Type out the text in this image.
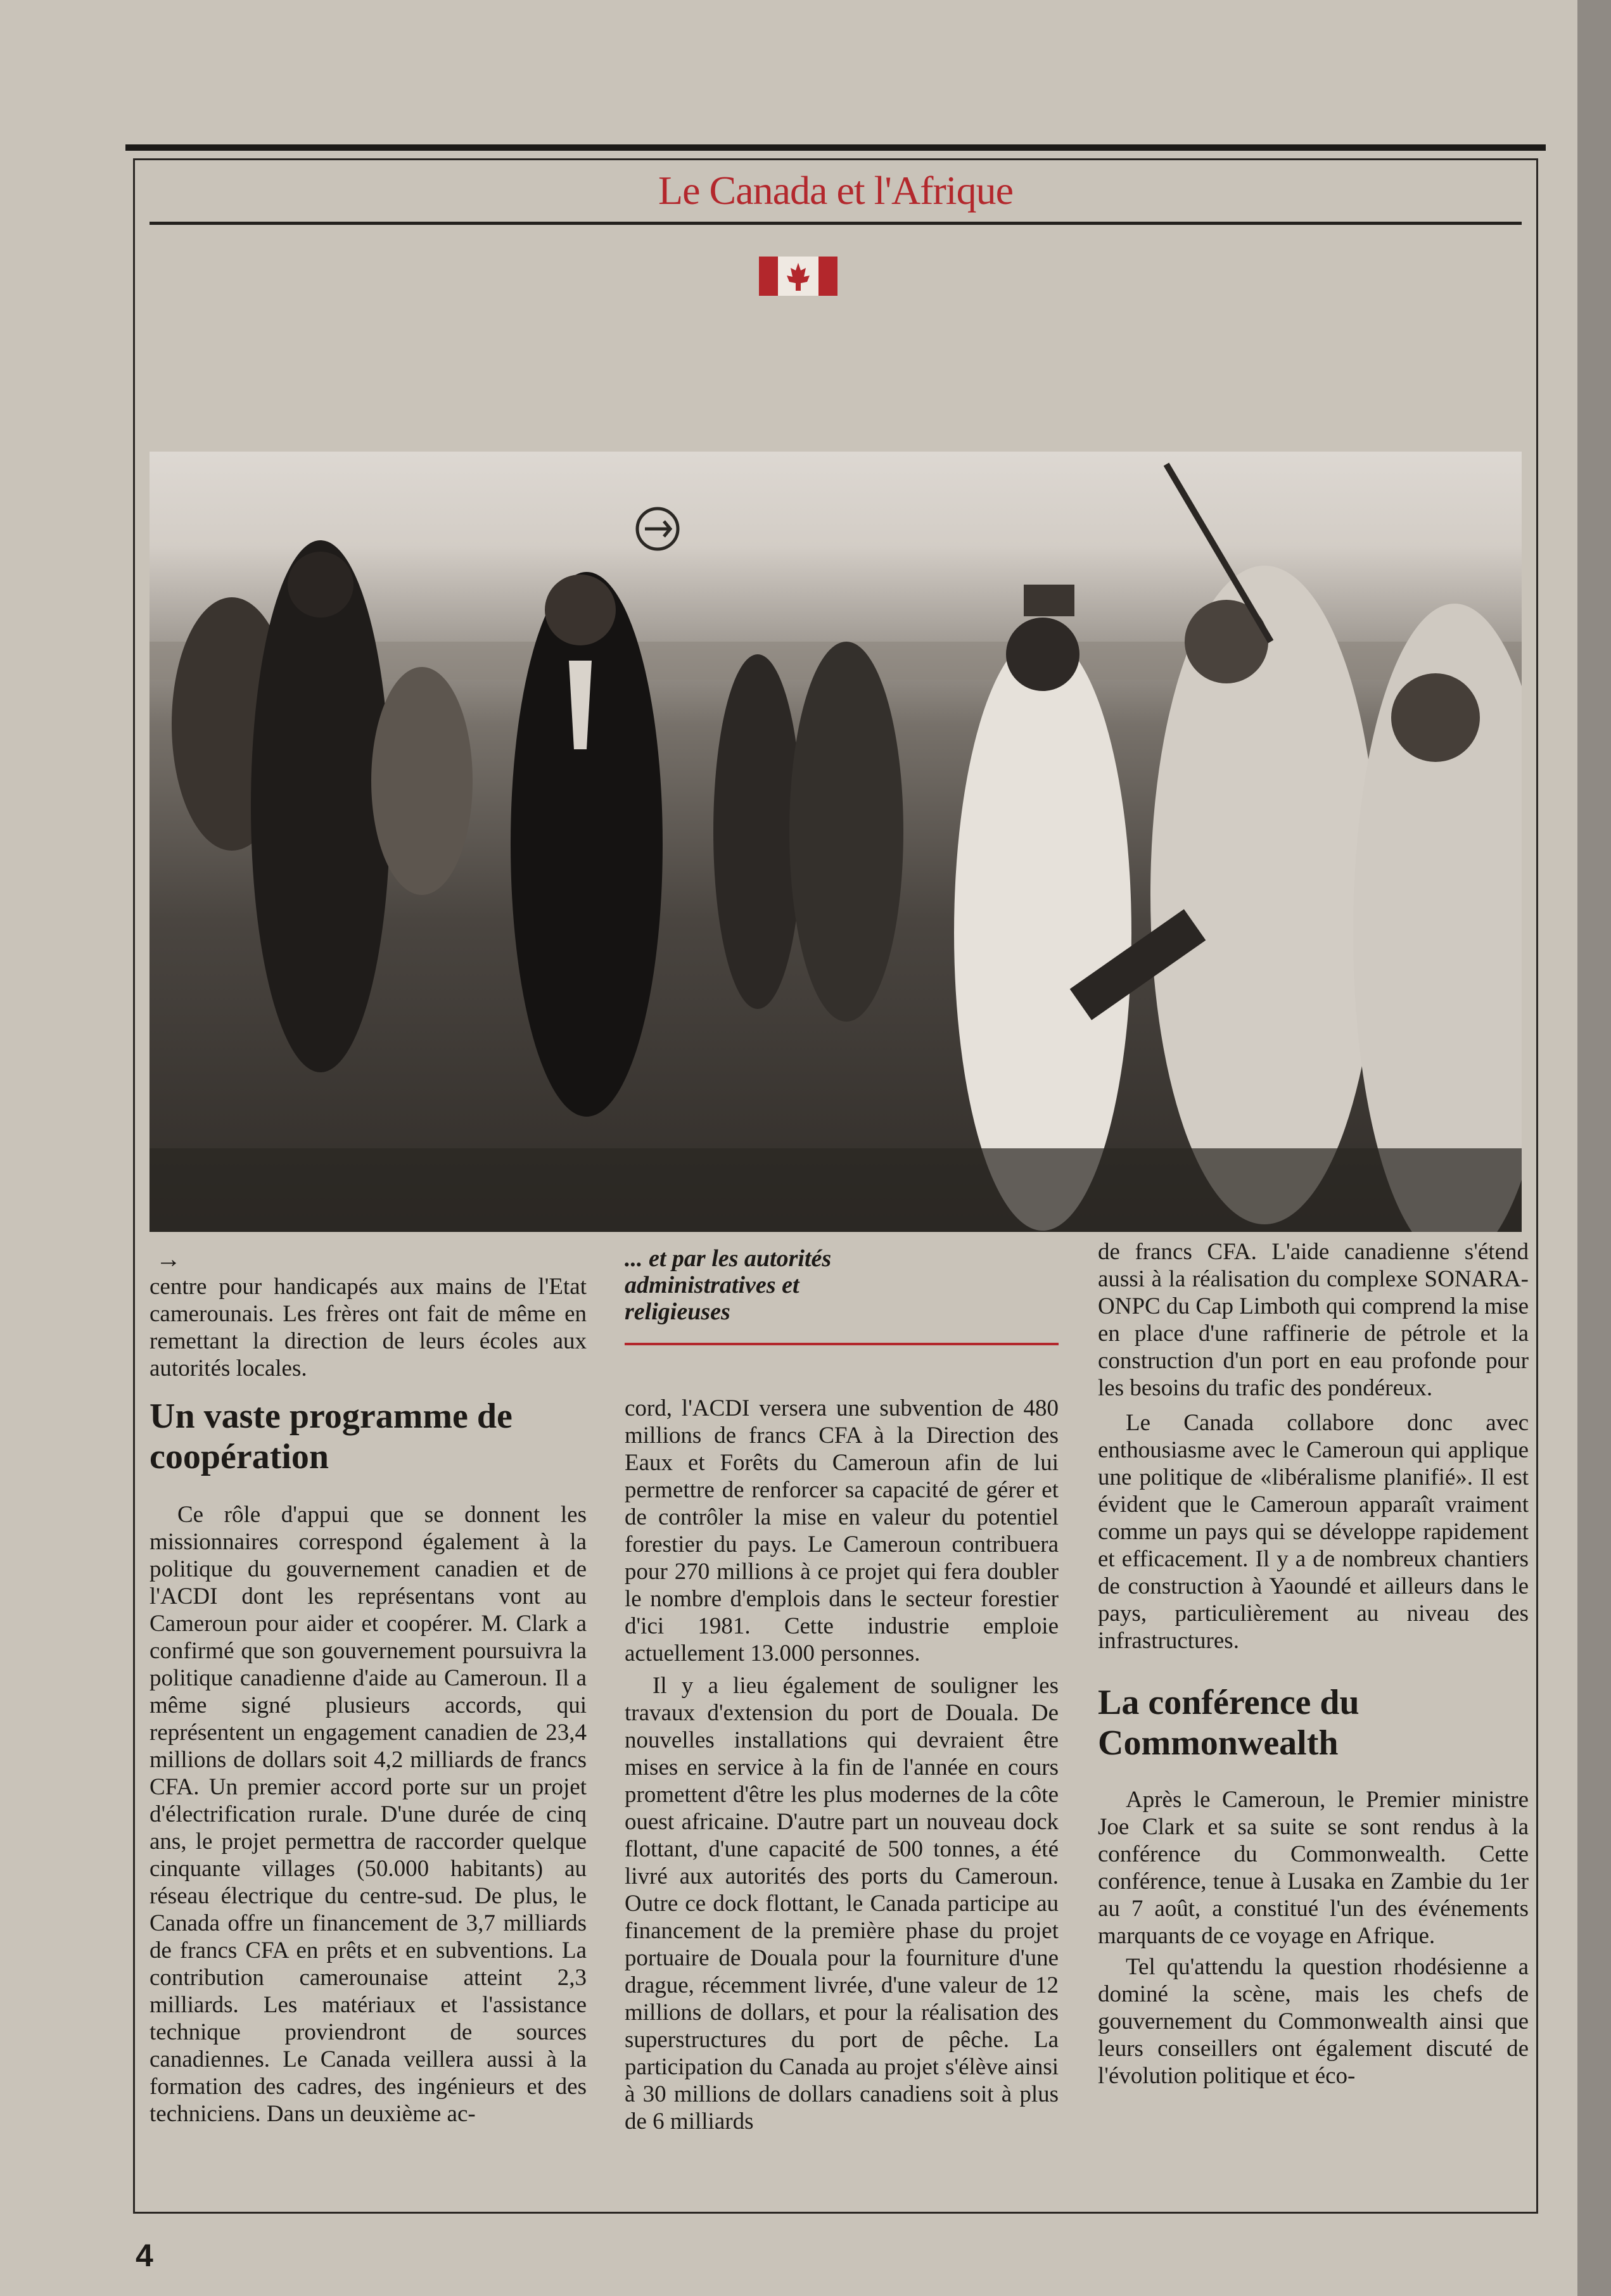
Le Canada et l'Afrique
→

centre pour handicapés aux mains de l'Etat camerounais. Les frères ont fait de même en remettant la direction de leurs écoles aux autorités locales.

Un vaste programme de coopération

Ce rôle d'appui que se donnent les missionnaires correspond également à la politique du gouvernement canadien et de l'ACDI dont les représentans vont au Cameroun pour aider et coopérer. M. Clark a confirmé que son gouvernement poursuivra la politique canadienne d'aide au Cameroun. Il a même signé plusieurs accords, qui représentent un engagement canadien de 23,4 millions de dollars soit 4,2 milliards de francs CFA. Un premier accord porte sur un projet d'électrification rurale. D'une durée de cinq ans, le projet permettra de raccorder quelque cinquante villages (50.000 habitants) au réseau électrique du centre-sud. De plus, le Canada offre un financement de 3,7 milliards de francs CFA en prêts et en subventions. La contribution camerounaise atteint 2,3 milliards. Les matériaux et l'assistance technique proviendront de sources canadiennes. Le Canada veillera aussi à la formation des cadres, des ingénieurs et des techniciens. Dans un deuxième ac-

... et par les autorités administratives et religieuses

cord, l'ACDI versera une subvention de 480 millions de francs CFA à la Direction des Eaux et Forêts du Cameroun afin de lui permettre de renforcer sa capacité de gérer et de contrôler la mise en valeur du potentiel forestier du pays. Le Cameroun contribuera pour 270 millions à ce projet qui fera doubler le nombre d'emplois dans le secteur forestier d'ici 1981. Cette industrie emploie actuellement 13.000 personnes.

Il y a lieu également de souligner les travaux d'extension du port de Douala. De nouvelles installations qui devraient être mises en service à la fin de l'année en cours promettent d'être les plus modernes de la côte ouest africaine. D'autre part un nouveau dock flottant, d'une capacité de 500 tonnes, a été livré aux autorités des ports du Cameroun. Outre ce dock flottant, le Canada participe au financement de la première phase du projet portuaire de Douala pour la fourniture d'une drague, récemment livrée, d'une valeur de 12 millions de dollars, et pour la réalisation des superstructures du port de pêche. La participation du Canada au projet s'élève ainsi à 30 millions de dollars canadiens soit à plus de 6 milliards

de francs CFA. L'aide canadienne s'étend aussi à la réalisation du complexe SONARA-ONPC du Cap Limboth qui comprend la mise en place d'une raffinerie de pétrole et la construction d'un port en eau profonde pour les besoins du trafic des pondéreux.

Le Canada collabore donc avec enthousiasme avec le Cameroun qui applique une politique de «libéralisme planifié». Il est évident que le Cameroun apparaît vraiment comme un pays qui se développe rapidement et efficacement. Il y a de nombreux chantiers de construction à Yaoundé et ailleurs dans le pays, particulièrement au niveau des infrastructures.

La conférence du Commonwealth

Après le Cameroun, le Premier ministre Joe Clark et sa suite se sont rendus à la conférence du Commonwealth. Cette conférence, tenue à Lusaka en Zambie du 1er au 7 août, a constitué l'un des événements marquants de ce voyage en Afrique.

Tel qu'attendu la question rhodésienne a dominé la scène, mais les chefs de gouvernement du Commonwealth ainsi que leurs conseillers ont également discuté de l'évolution politique et éco-

4
